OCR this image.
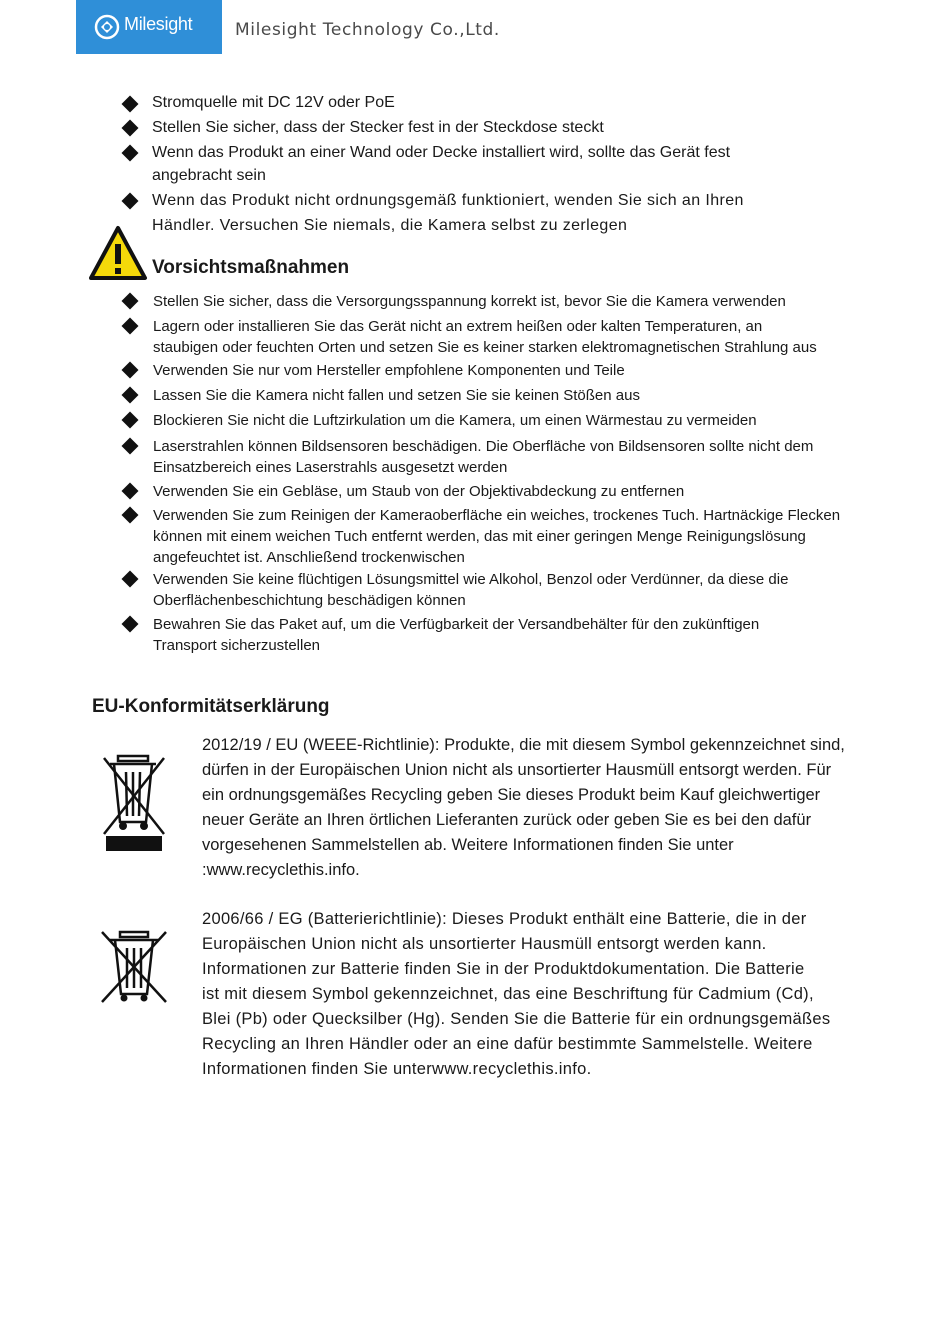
Milesight	Milesight Technology Co.,Ltd.
Stromquelle mit DC 12V oder PoE
Stellen Sie sicher, dass der Stecker fest in der Steckdose steckt
Wenn das Produkt an einer Wand oder Decke installiert wird, sollte das Gerät fest
angebracht sein
Wenn das Produkt nicht ordnungsgemäß funktioniert, wenden Sie sich an Ihren
Händler. Versuchen Sie niemals, die Kamera selbst zu zerlegen
Vorsichtsmaßnahmen
Stellen Sie sicher, dass die Versorgungsspannung korrekt ist, bevor Sie die Kamera verwenden
Lagern oder installieren Sie das Gerät nicht an extrem heißen oder kalten Temperaturen, an
staubigen oder feuchten Orten und setzen Sie es keiner starken elektromagnetischen Strahlung aus
Verwenden Sie nur vom Hersteller empfohlene Komponenten und Teile
Lassen Sie die Kamera nicht fallen und setzen Sie sie keinen Stößen aus
Blockieren Sie nicht die Luftzirkulation um die Kamera, um einen Wärmestau zu vermeiden
Laserstrahlen können Bildsensoren beschädigen. Die Oberfläche von Bildsensoren sollte nicht dem
Einsatzbereich eines Laserstrahls ausgesetzt werden
Verwenden Sie ein Gebläse, um Staub von der Objektivabdeckung zu entfernen
Verwenden Sie zum Reinigen der Kameraoberfläche ein weiches, trockenes Tuch. Hartnäckige Flecken
können mit einem weichen Tuch entfernt werden, das mit einer geringen Menge Reinigungslösung
angefeuchtet ist. Anschließend trockenwischen
Verwenden Sie keine flüchtigen Lösungsmittel wie Alkohol, Benzol oder Verdünner, da diese die
Oberflächenbeschichtung beschädigen können
Bewahren Sie das Paket auf, um die Verfügbarkeit der Versandbehälter für den zukünftigen
Transport sicherzustellen
EU-Konformitätserklärung
2012/19 / EU (WEEE-Richtlinie): Produkte, die mit diesem Symbol gekennzeichnet sind,
dürfen in der Europäischen Union nicht als unsortierter Hausmüll entsorgt werden. Für
ein ordnungsgemäßes Recycling geben Sie dieses Produkt beim Kauf gleichwertiger
neuer Geräte an Ihren örtlichen Lieferanten zurück oder geben Sie es bei den dafür
vorgesehenen Sammelstellen ab. Weitere Informationen finden Sie unter
:www.recyclethis.info.
2006/66 / EG (Batterierichtlinie): Dieses Produkt enthält eine Batterie, die in der
Europäischen Union nicht als unsortierter Hausmüll entsorgt werden kann.
Informationen zur Batterie finden Sie in der Produktdokumentation. Die Batterie
ist mit diesem Symbol gekennzeichnet, das eine Beschriftung für Cadmium (Cd),
Blei (Pb) oder Quecksilber (Hg). Senden Sie die Batterie für ein ordnungsgemäßes
Recycling an Ihren Händler oder an eine dafür bestimmte Sammelstelle. Weitere
Informationen finden Sie unterwww.recyclethis.info.
